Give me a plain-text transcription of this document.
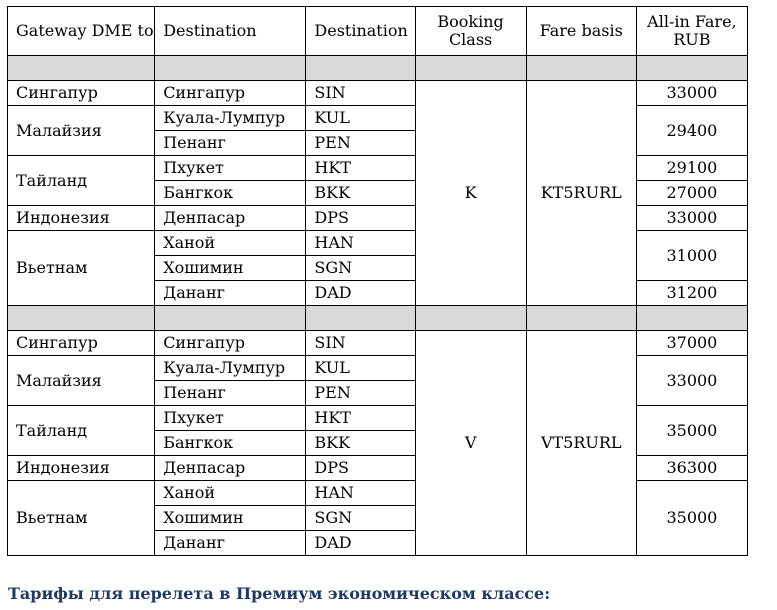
Gateway DME to	Destination	Destination	Booking Class	Fare basis	All-in Fare, RUB

Сингапур	Сингапур	SIN	K	KT5RURL	33000
Малайзия	Куала-Лумпур	KUL			29400
	Пенанг	PEN			
Тайланд	Пхукет	HKT			29100
	Бангкок	BKK			27000
Индонезия	Денпасар	DPS			33000
Вьетнам	Ханой	HAN			31000
	Хошимин	SGN			
	Дананг	DAD			31200

Сингапур	Сингапур	SIN	V	VT5RURL	37000
Малайзия	Куала-Лумпур	KUL			33000
	Пенанг	PEN			
Тайланд	Пхукет	HKT			35000
	Бангкок	BKK			
Индонезия	Денпасар	DPS			36300
Вьетнам	Ханой	HAN			35000
	Хошимин	SGN			
	Дананг	DAD			
Тарифы для перелета в Премиум экономическом классе:
